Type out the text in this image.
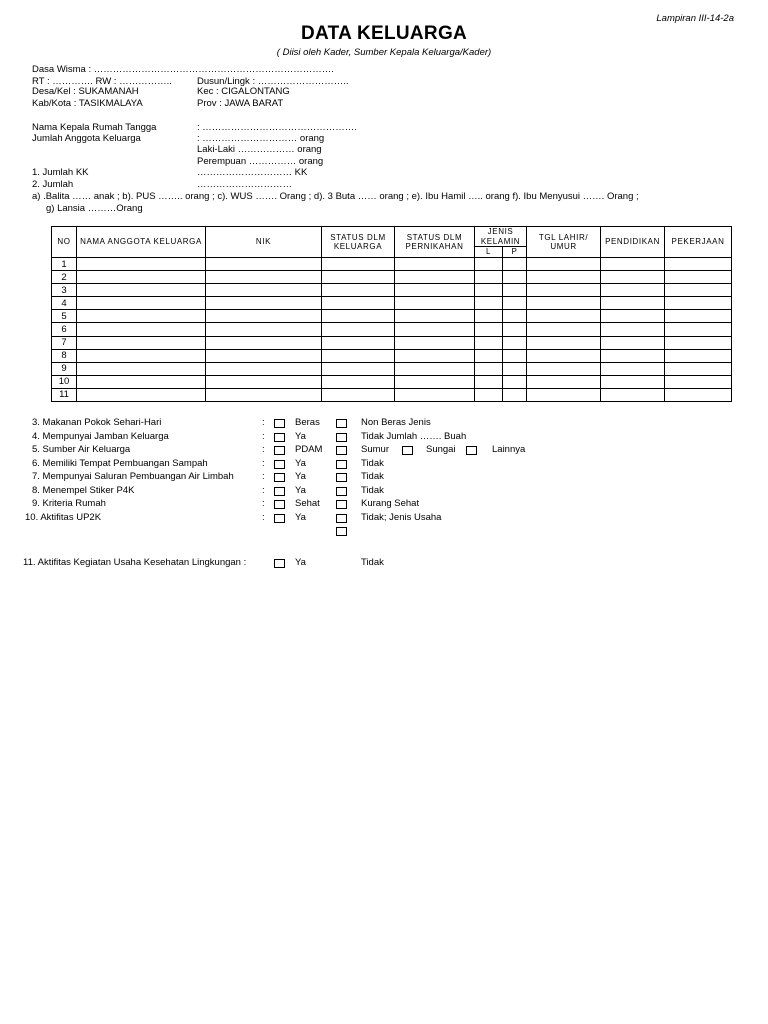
Lampiran III-14-2a
DATA KELUARGA
( Diisi oleh Kader, Sumber Kepala Keluarga/Kader)
Dasa Wisma : ………………………………………………………………….
RT : …………. RW : ……………..	Dusun/Lingk : ………………………..
Desa/Kel : SUKAMANAH	Kec : CIGALONTANG
Kab/Kota : TASIKMALAYA	Prov : JAWA BARAT
Nama Kepala Rumah Tangga	: ………………………………………….
Jumlah Anggota Keluarga	: ………………………… orang
Laki-Laki ……………… orang
Perempuan …………… orang
1. Jumlah KK	………………………… KK
2. Jumlah	…………………………
a) .Balita …… anak ; b). PUS …….. orang ; c). WUS ……. Orang ; d). 3 Buta …… orang ; e). Ibu Hamil ….. orang f). Ibu Menyusui ……. Orang ;
g) Lansia ………Orang
NO	NAMA ANGGOTA KELUARGA	NIK	STATUS DLM KELUARGA	STATUS DLM PERNIKAHAN	JENIS KELAMIN		TGL LAHIR/ UMUR	PENDIDIKAN	PEKERJAAN
					L	P			
1									
2									
3									
4									
5									
6									
7									
8									
9									
10									
11									
3. Makanan Pokok Sehari-Hari	:	Beras	Non Beras Jenis
4. Mempunyai Jamban Keluarga	:	Ya	Tidak Jumlah ……. Buah
5. Sumber Air Keluarga	:	PDAM	Sumur	Sungai	Lainnya
6. Memiliki Tempat Pembuangan Sampah	:	Ya	Tidak
7. Mempunyai Saluran Pembuangan Air Limbah	:	Ya	Tidak
8. Menempel Stiker P4K	:	Ya	Tidak
9. Kriteria Rumah	:	Sehat	Kurang Sehat
10. Aktifitas UP2K	:	Ya	Tidak; Jenis Usaha
11. Aktifitas Kegiatan Usaha Kesehatan Lingkungan :	Ya	Tidak
